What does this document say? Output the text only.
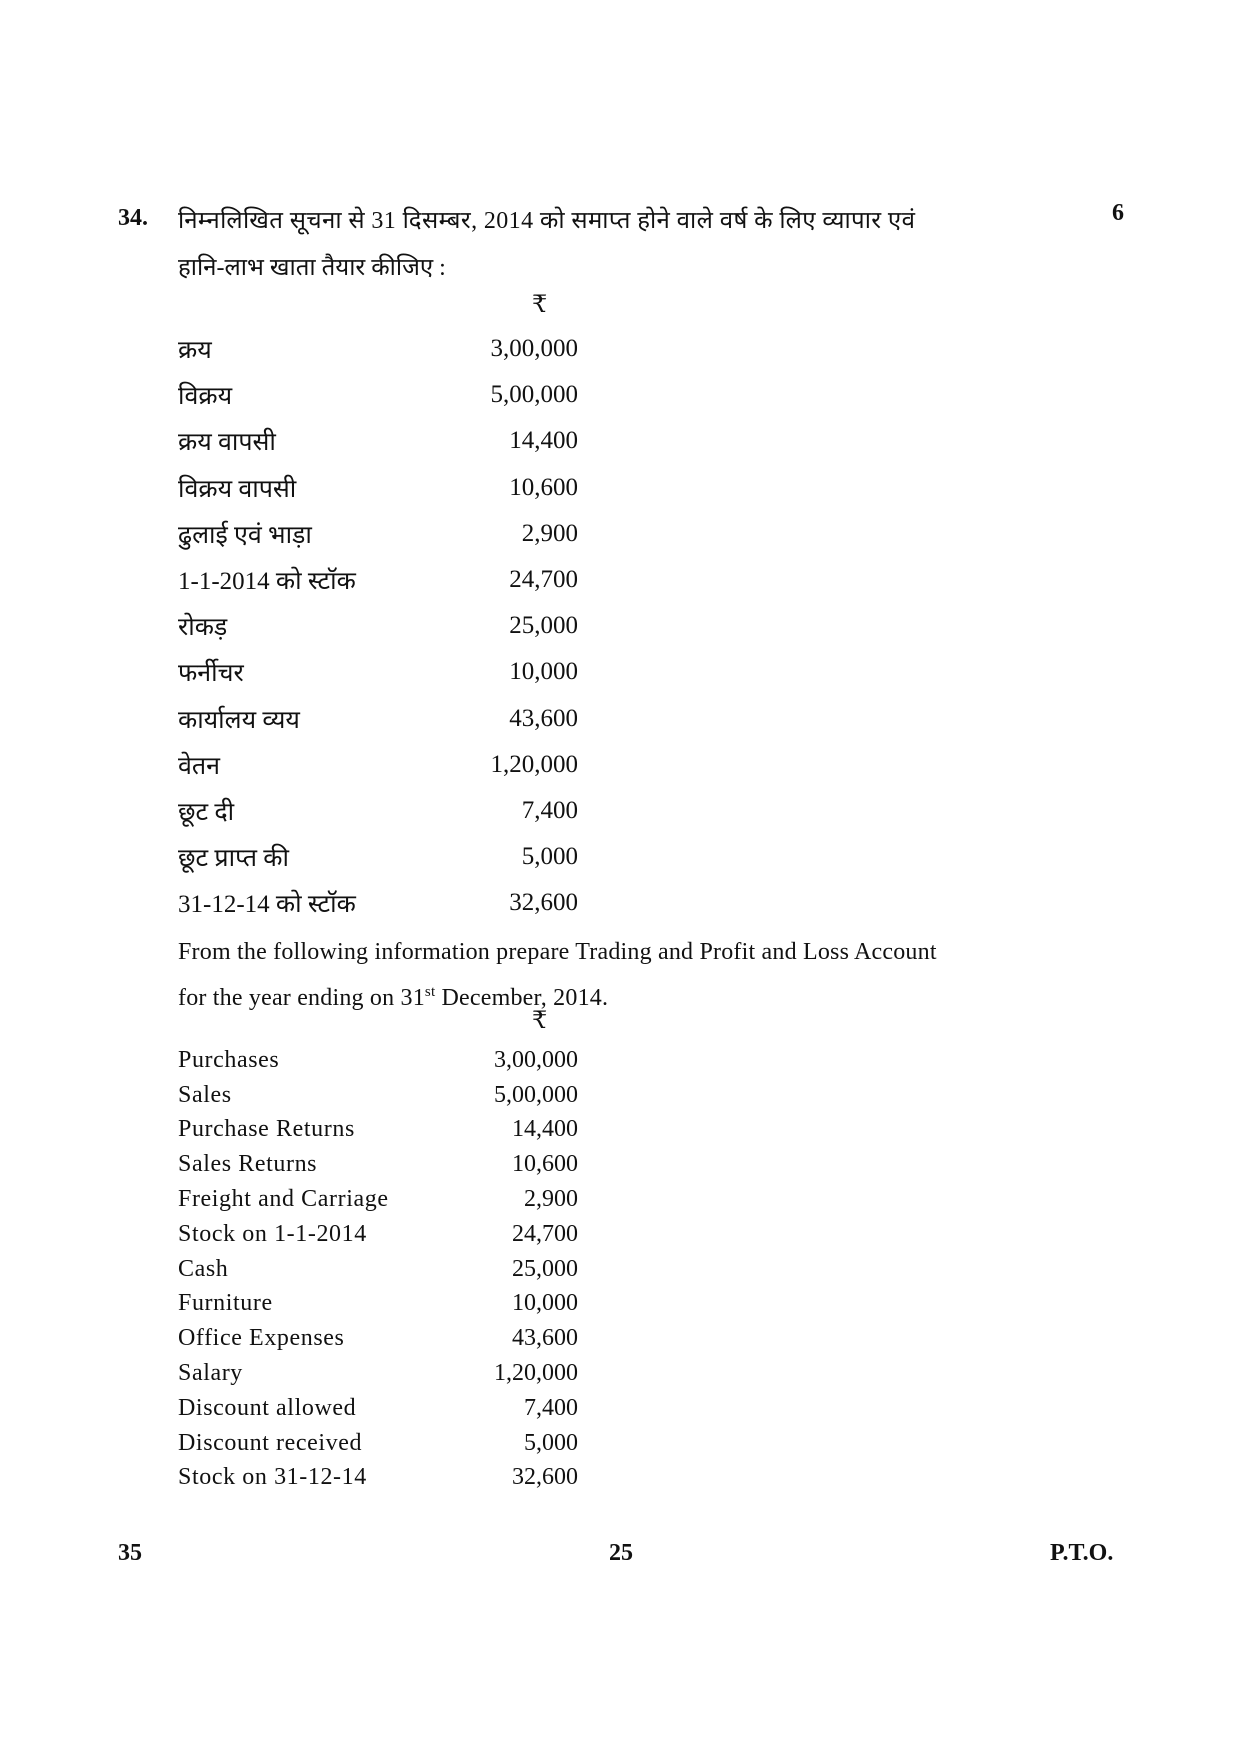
34.	6
निम्नलिखित सूचना से 31 दिसम्बर, 2014 को समाप्त होने वाले वर्ष के लिए व्यापार एवं
हानि-लाभ खाता तैयार कीजिए :
₹
क्रय	3,00,000
विक्रय	5,00,000
क्रय वापसी	14,400
विक्रय वापसी	10,600
ढुलाई एवं भाड़ा	2,900
1-1-2014 को स्टॉक	24,700
रोकड़	25,000
फर्नीचर	10,000
कार्यालय व्यय	43,600
वेतन	1,20,000
छूट दी	7,400
छूट प्राप्त की	5,000
31-12-14 को स्टॉक	32,600
From the following information prepare Trading and Profit and Loss Account
for the year ending on 31st December, 2014.
₹
Purchases	3,00,000
Sales	5,00,000
Purchase Returns	14,400
Sales Returns	10,600
Freight and Carriage	2,900
Stock on 1-1-2014	24,700
Cash	25,000
Furniture	10,000
Office Expenses	43,600
Salary	1,20,000
Discount allowed	7,400
Discount received	5,000
Stock on 31-12-14	32,600
35	25	P.T.O.
